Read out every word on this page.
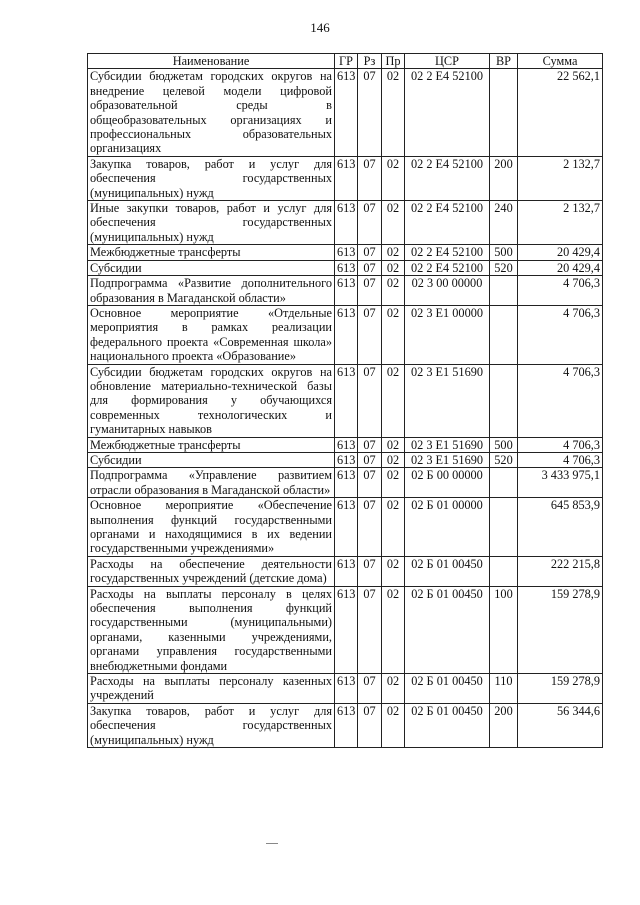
146
Наименование	ГР	Рз	Пр	ЦСР	ВР	Сумма
Субсидии бюджетам городских округов на внедрение целевой модели цифровой образовательной среды в общеобразовательных организациях и профессиональных образовательных организациях	613	07	02	02 2 E4 52100		22 562,1
Закупка товаров, работ и услуг для обеспечения государственных (муниципальных) нужд	613	07	02	02 2 E4 52100	200	2 132,7
Иные закупки товаров, работ и услуг для обеспечения государственных (муниципальных) нужд	613	07	02	02 2 E4 52100	240	2 132,7
Межбюджетные трансферты	613	07	02	02 2 E4 52100	500	20 429,4
Субсидии	613	07	02	02 2 E4 52100	520	20 429,4
Подпрограмма «Развитие дополнительного образования в Магаданской области»	613	07	02	02 3 00 00000		4 706,3
Основное мероприятие «Отдельные мероприятия в рамках реализации федерального проекта «Современная школа» национального проекта «Образование»	613	07	02	02 3 E1 00000		4 706,3
Субсидии бюджетам городских округов на обновление материально-технической базы для формирования у обучающихся современных технологических и гуманитарных навыков	613	07	02	02 3 E1 51690		4 706,3
Межбюджетные трансферты	613	07	02	02 3 E1 51690	500	4 706,3
Субсидии	613	07	02	02 3 E1 51690	520	4 706,3
Подпрограмма «Управление развитием отрасли образования в Магаданской области»	613	07	02	02 Б 00 00000		3 433 975,1
Основное мероприятие «Обеспечение выполнения функций государственными органами и находящимися в их ведении государственными учреждениями»	613	07	02	02 Б 01 00000		645 853,9
Расходы на обеспечение деятельности государственных учреждений (детские дома)	613	07	02	02 Б 01 00450		222 215,8
Расходы на выплаты персоналу в целях обеспечения выполнения функций государственными (муниципальными) органами, казенными учреждениями, органами управления государственными внебюджетными фондами	613	07	02	02 Б 01 00450	100	159 278,9
Расходы на выплаты персоналу казенных учреждений	613	07	02	02 Б 01 00450	110	159 278,9
Закупка товаров, работ и услуг для обеспечения государственных (муниципальных) нужд	613	07	02	02 Б 01 00450	200	56 344,6
